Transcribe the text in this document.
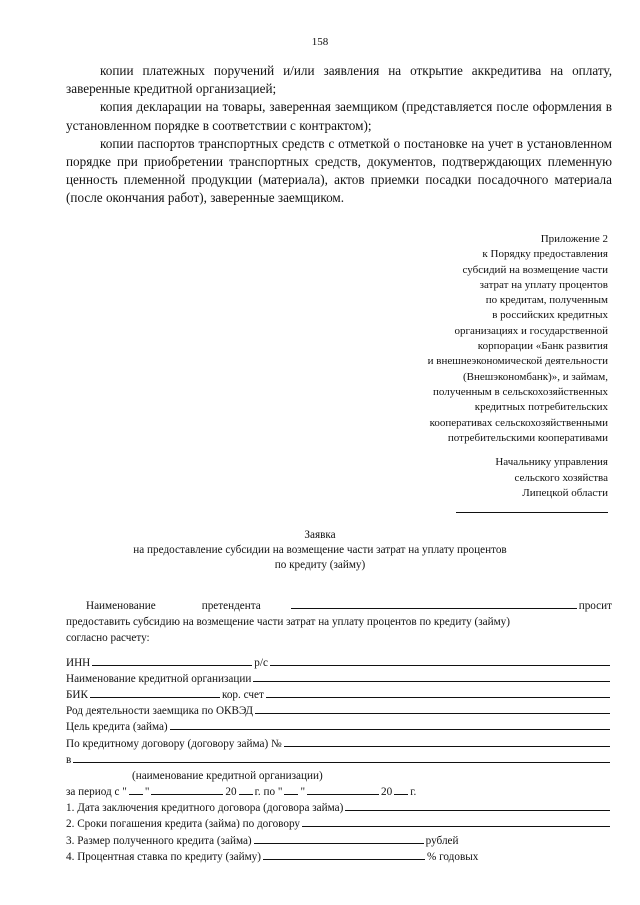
158

копии платежных поручений и/или заявления на открытие аккредитива на оплату, заверенные кредитной организацией;

копия декларации на товары, заверенная заемщиком (представляется после оформления в установленном порядке в соответствии с контрактом);

копии паспортов транспортных средств с отметкой о постановке на учет в установленном порядке при приобретении транспортных средств, документов, подтверждающих племенную ценность племенной продукции (материала), актов приемки посадки посадочного материала (после окончания работ), заверенные заемщиком.

Приложение 2
к Порядку предоставления
субсидий на возмещение части
затрат на уплату процентов
по кредитам, полученным
в российских кредитных
организациях и государственной
корпорации «Банк развития
и внешнеэкономической деятельности
(Внешэкономбанк)», и займам,
полученным в сельскохозяйственных
кредитных потребительских
кооперативах сельскохозяйственными
потребительскими кооперативами
Начальнику управления
сельского хозяйства
Липецкой области
Заявка
на предоставление субсидии на возмещение части затрат на уплату процентов
по кредиту (займу)
Наименование	претендента	просит
предоставить субсидию на возмещение части затрат на уплату процентов по кредиту (займу)
согласно расчету:
ИНН	р/с
Наименование кредитной организации
БИК	кор. счет
Род деятельности заемщика по ОКВЭД
Цель кредита (займа)
По кредитному договору (договору займа) №
в
(наименование кредитной организации)
за период с " "	20 г. по " "	20 г.
1. Дата заключения кредитного договора (договора займа)
2. Сроки погашения кредита (займа) по договору
3. Размер полученного кредита (займа)	рублей
4. Процентная ставка по кредиту (займу)	% годовых
